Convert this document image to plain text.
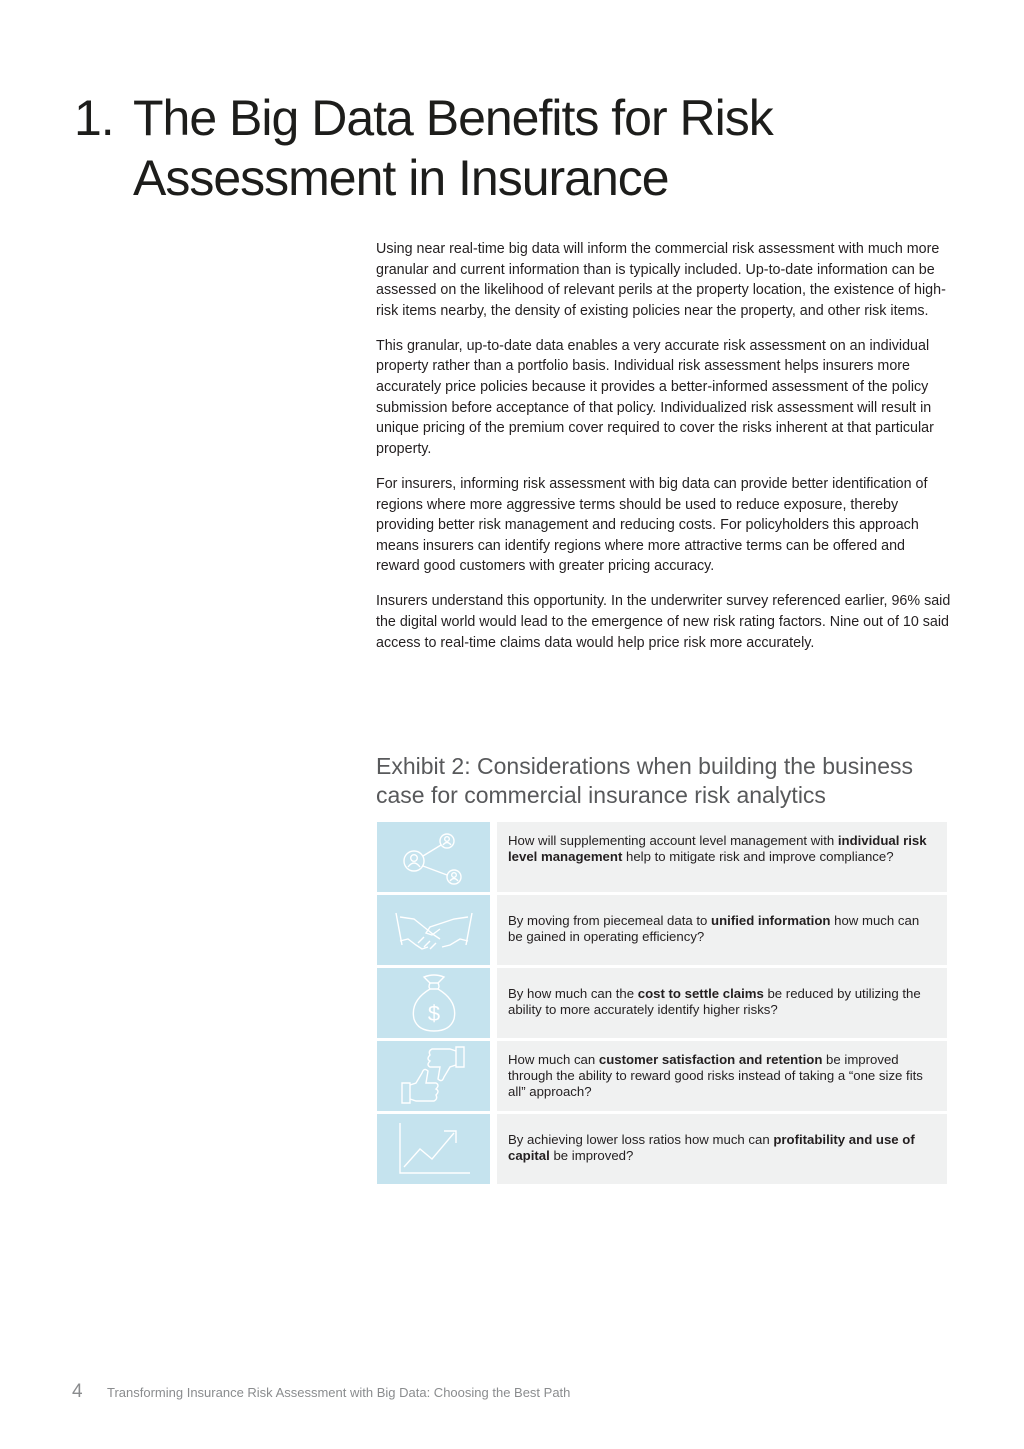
1. The Big Data Benefits for Risk Assessment in Insurance

Using near real-time big data will inform the commercial risk assessment with much more granular and current information than is typically included. Up-to-date information can be assessed on the likelihood of relevant perils at the property location, the existence of high-risk items nearby, the density of existing policies near the property, and other risk items.

This granular, up-to-date data enables a very accurate risk assessment on an individual property rather than a portfolio basis. Individual risk assessment helps insurers more accurately price policies because it provides a better-informed assessment of the policy submission before acceptance of that policy. Individualized risk assessment will result in unique pricing of the premium cover required to cover the risks inherent at that particular property.

For insurers, informing risk assessment with big data can provide better identification of regions where more aggressive terms should be used to reduce exposure, thereby providing better risk management and reducing costs. For policyholders this approach means insurers can identify regions where more attractive terms can be offered and reward good customers with greater pricing accuracy.

Insurers understand this opportunity. In the underwriter survey referenced earlier, 96% said the digital world would lead to the emergence of new risk rating factors. Nine out of 10 said access to real-time claims data would help price risk more accurately.

Exhibit 2: Considerations when building the business case for commercial insurance risk analytics
How will supplementing account level management with individual risk level management help to mitigate risk and improve compliance?
By moving from piecemeal data to unified information how much can be gained in operating efficiency?
$
By how much can the cost to settle claims be reduced by utilizing the ability to more accurately identify higher risks?
How much can customer satisfaction and retention be improved through the ability to reward good risks instead of taking a “one size fits all” approach?
By achieving lower loss ratios how much can profitability and use of capital be improved?
4	Transforming Insurance Risk Assessment with Big Data: Choosing the Best Path
